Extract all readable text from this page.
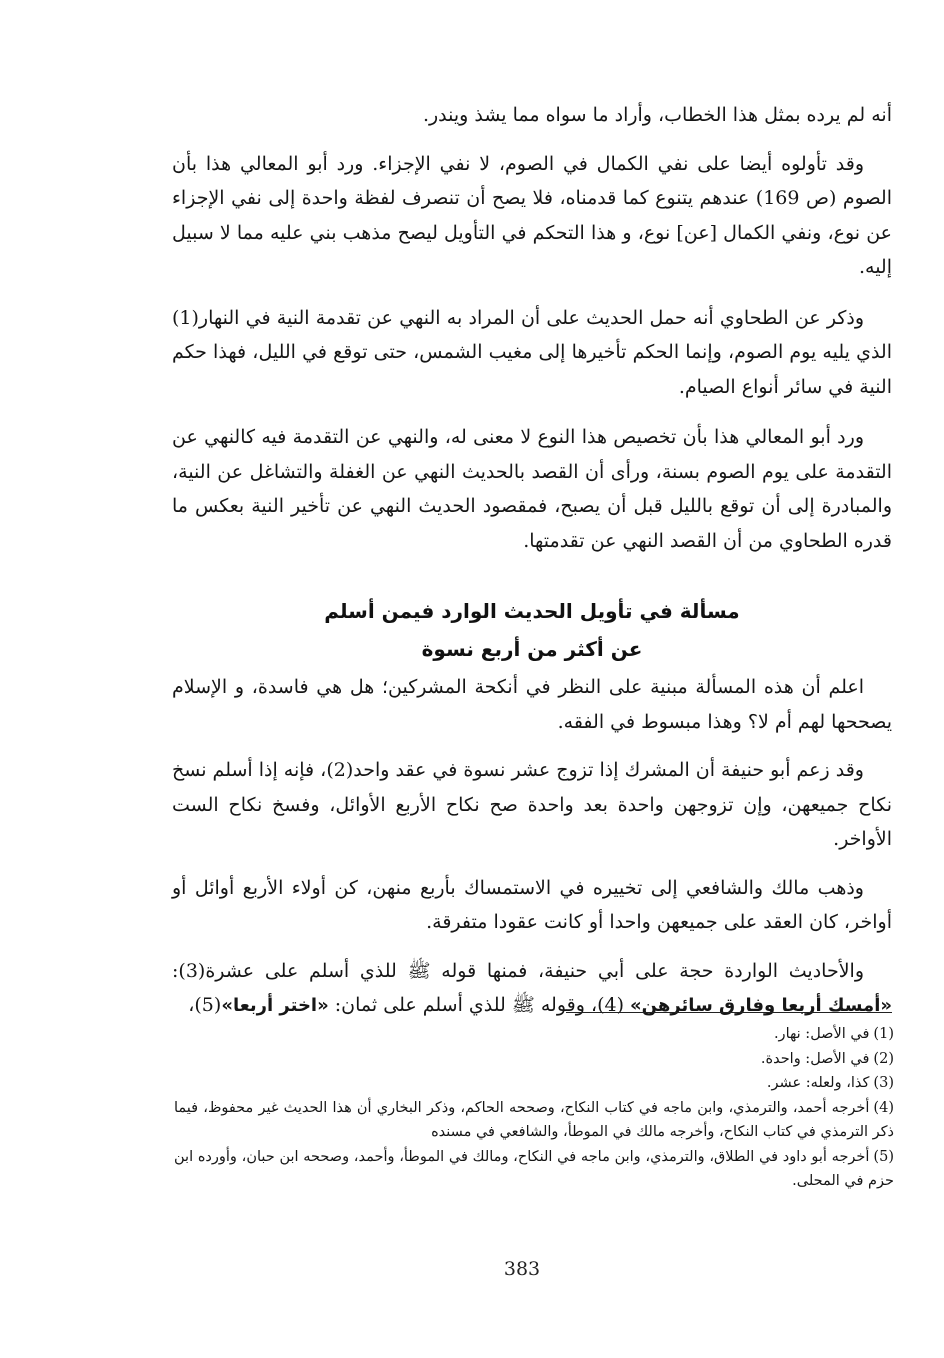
أنه لم يرده بمثل هذا الخطاب، وأراد ما سواه مما يشذ ويندر.

وقد تأولوه أيضا على نفي الكمال في الصوم، لا نفي الإجزاء. ورد أبو المعالي هذا بأن الصوم (ص 169) عندهم يتنوع كما قدمناه، فلا يصح أن تنصرف لفظة واحدة إلى نفي الإجزاء عن نوع، ونفي الكمال [عن] نوع، و هذا التحكم في التأويل ليصح مذهب بني عليه مما لا سبيل إليه.

وذكر عن الطحاوي أنه حمل الحديث على أن المراد به النهي عن تقدمة النية في النهار(1) الذي يليه يوم الصوم، وإنما الحكم تأخيرها إلى مغيب الشمس، حتى توقع في الليل، فهذا حكم النية في سائر أنواع الصيام.

ورد أبو المعالي هذا بأن تخصيص هذا النوع لا معنى له، والنهي عن التقدمة فيه كالنهي عن التقدمة على يوم الصوم بسنة، ورأى أن القصد بالحديث النهي عن الغفلة والتشاغل عن النية، والمبادرة إلى أن توقع بالليل قبل أن يصبح، فمقصود الحديث النهي عن تأخير النية بعكس ما قدره الطحاوي من أن القصد النهي عن تقدمتها.

مسألة في تأويل الحديث الوارد فيمن أسلم
عن أكثر من أربع نسوة

اعلم أن هذه المسألة مبنية على النظر في أنكحة المشركين؛ هل هي فاسدة، و الإسلام يصححها لهم أم لا؟ وهذا مبسوط في الفقه.

وقد زعم أبو حنيفة أن المشرك إذا تزوج عشر نسوة في عقد واحد(2)، فإنه إذا أسلم نسخ نكاح جميعهن، وإن تزوجهن واحدة بعد واحدة صح نكاح الأربع الأوائل، وفسخ نكاح الست الأواخر.

وذهب مالك والشافعي إلى تخييره في الاستمساك بأربع منهن، كن أولاء الأربع أوائل أو أواخر، كان العقد على جميعهن واحدا أو كانت عقودا متفرقة.

والأحاديث الواردة حجة على أبي حنيفة، فمنها قوله ﷺ للذي أسلم على عشرة(3): «أمسك أربعا وفارق سائرهن» (4)، وقوله ﷺ للذي أسلم على ثمان: «اختر أربعا»(5)،

(1)في الأصل: نهار.

(2)في الأصل: واحدة.

(3)كذا، ولعله: عشر.

(4)أخرجه أحمد، والترمذي، وابن ماجه في كتاب النكاح، وصححه الحاكم، وذكر البخاري أن هذا الحديث غير محفوظ، فيما ذكر الترمذي في كتاب النكاح، وأخرجه مالك في الموطأ، والشافعي في مسنده

(5)أخرجه أبو داود في الطلاق، والترمذي، وابن ماجه في النكاح، ومالك في الموطأ، وأحمد، وصححه ابن حبان، وأورده ابن حزم في المحلى.

383
